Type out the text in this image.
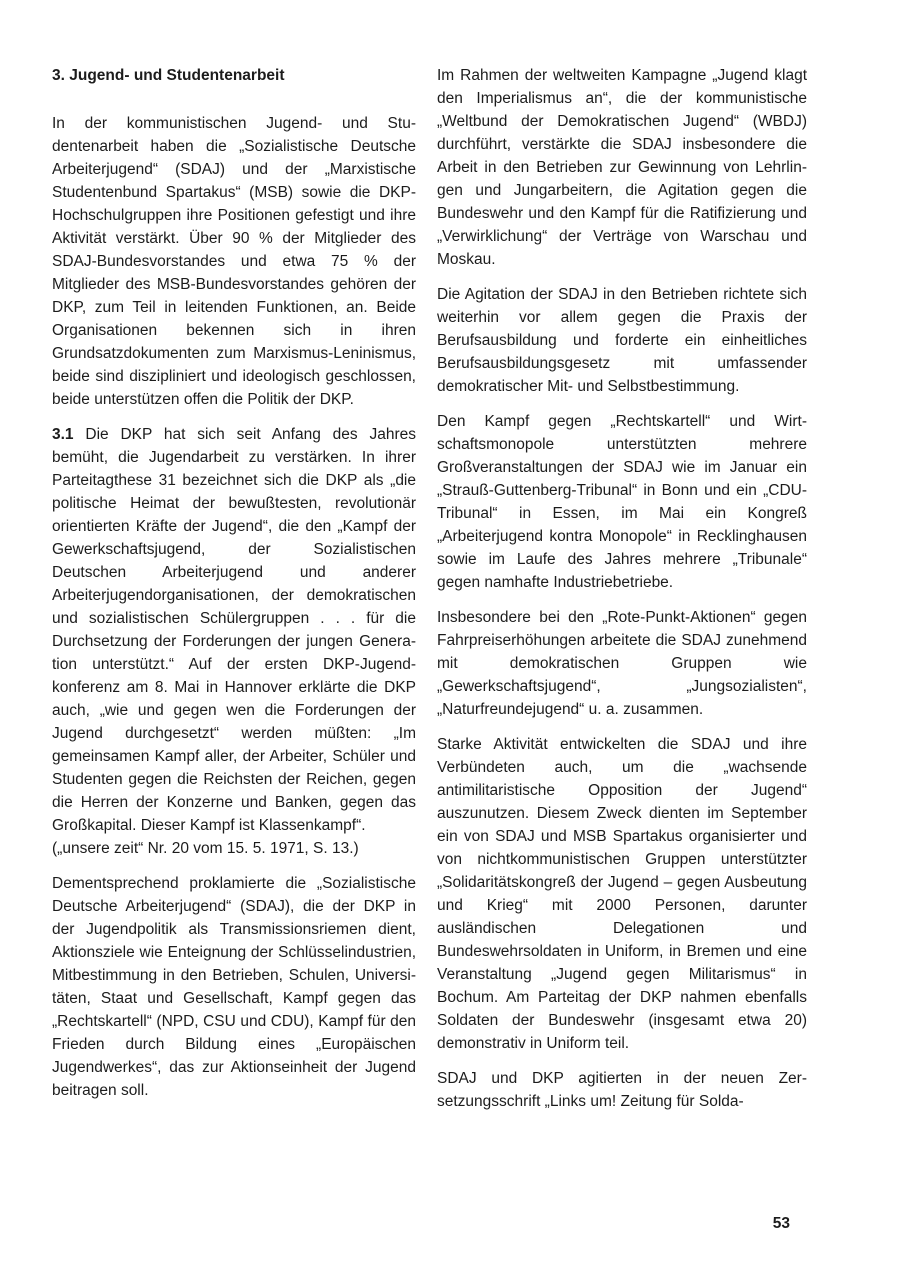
3. Jugend- und Studentenarbeit

In der kommunistischen Jugend- und Studentenarbeit haben die „Sozialistische Deutsche Arbeiterjugend“ (SDAJ) und der „Marxistische Studentenbund Spartakus“ (MSB) sowie die DKP-Hochschulgruppen ihre Positionen gefestigt und ihre Aktivität verstärkt. Über 90 % der Mitglieder des SDAJ-Bundesvorstandes und etwa 75 % der Mitglieder des MSB-Bundesvorstandes gehören der DKP, zum Teil in leitenden Funktionen, an. Beide Organisationen bekennen sich in ihren Grundsatzdokumenten zum Marxismus-Leninismus, beide sind diszipliniert und ideologisch geschlossen, beide unterstützen offen die Politik der DKP.

3.1 Die DKP hat sich seit Anfang des Jahres bemüht, die Jugendarbeit zu verstärken. In ihrer Parteitagthese 31 bezeichnet sich die DKP als „die politische Heimat der bewußtesten, revolutionär orientierten Kräfte der Jugend“, die den „Kampf der Gewerkschaftsjugend, der Sozialistischen Deutschen Arbeiterjugend und anderer Arbeiterjugendorganisationen, der demokratischen und sozialistischen Schülergruppen . . . für die Durchsetzung der Forderungen der jungen Generation unterstützt.“ Auf der ersten DKP-Jugendkonferenz am 8. Mai in Hannover erklärte die DKP auch, „wie und gegen wen die Forderungen der Jugend durchgesetzt“ werden müßten: „Im gemeinsamen Kampf aller, der Arbeiter, Schüler und Studenten gegen die Reichsten der Reichen, gegen die Herren der Konzerne und Banken, gegen das Großkapital. Dieser Kampf ist Klassenkampf“.

(„unsere zeit“ Nr. 20 vom 15. 5. 1971, S. 13.)

Dementsprechend proklamierte die „Sozialistische Deutsche Arbeiterjugend“ (SDAJ), die der DKP in der Jugendpolitik als Transmissionsriemen dient, Aktionsziele wie Enteignung der Schlüsselindustrien, Mitbestimmung in den Betrieben, Schulen, Universitäten, Staat und Gesellschaft, Kampf gegen das „Rechtskartell“ (NPD, CSU und CDU), Kampf für den Frieden durch Bildung eines „Europäischen Jugendwerkes“, das zur Aktionseinheit der Jugend beitragen soll.

Im Rahmen der weltweiten Kampagne „Jugend klagt den Imperialismus an“, die der kommunistische „Weltbund der Demokratischen Jugend“ (WBDJ) durchführt, verstärkte die SDAJ insbesondere die Arbeit in den Betrieben zur Gewinnung von Lehrlingen und Jungarbeitern, die Agitation gegen die Bundeswehr und den Kampf für die Ratifizierung und „Verwirklichung“ der Verträge von Warschau und Moskau.

Die Agitation der SDAJ in den Betrieben richtete sich weiterhin vor allem gegen die Praxis der Berufsausbildung und forderte ein einheitliches Berufsausbildungsgesetz mit umfassender demokratischer Mit- und Selbstbestimmung.

Den Kampf gegen „Rechtskartell“ und Wirtschaftsmonopole unterstützten mehrere Großveranstaltungen der SDAJ wie im Januar ein „Strauß-Guttenberg-Tribunal“ in Bonn und ein „CDU-Tribunal“ in Essen, im Mai ein Kongreß „Arbeiterjugend kontra Monopole“ in Recklinghausen sowie im Laufe des Jahres mehrere „Tribunale“ gegen namhafte Industriebetriebe.

Insbesondere bei den „Rote-Punkt-Aktionen“ gegen Fahrpreiserhöhungen arbeitete die SDAJ zunehmend mit demokratischen Gruppen wie „Gewerkschaftsjugend“, „Jungsozialisten“, „Naturfreundejugend“ u. a. zusammen.

Starke Aktivität entwickelten die SDAJ und ihre Verbündeten auch, um die „wachsende antimilitaristische Opposition der Jugend“ auszunutzen. Diesem Zweck dienten im September ein von SDAJ und MSB Spartakus organisierter und von nichtkommunistischen Gruppen unterstützter „Solidaritätskongreß der Jugend – gegen Ausbeutung und Krieg“ mit 2000 Personen, darunter ausländischen Delegationen und Bundeswehrsoldaten in Uniform, in Bremen und eine Veranstaltung „Jugend gegen Militarismus“ in Bochum. Am Parteitag der DKP nahmen ebenfalls Soldaten der Bundeswehr (insgesamt etwa 20) demonstrativ in Uniform teil.

SDAJ und DKP agitierten in der neuen Zersetzungsschrift „Links um! Zeitung für Solda-

53
